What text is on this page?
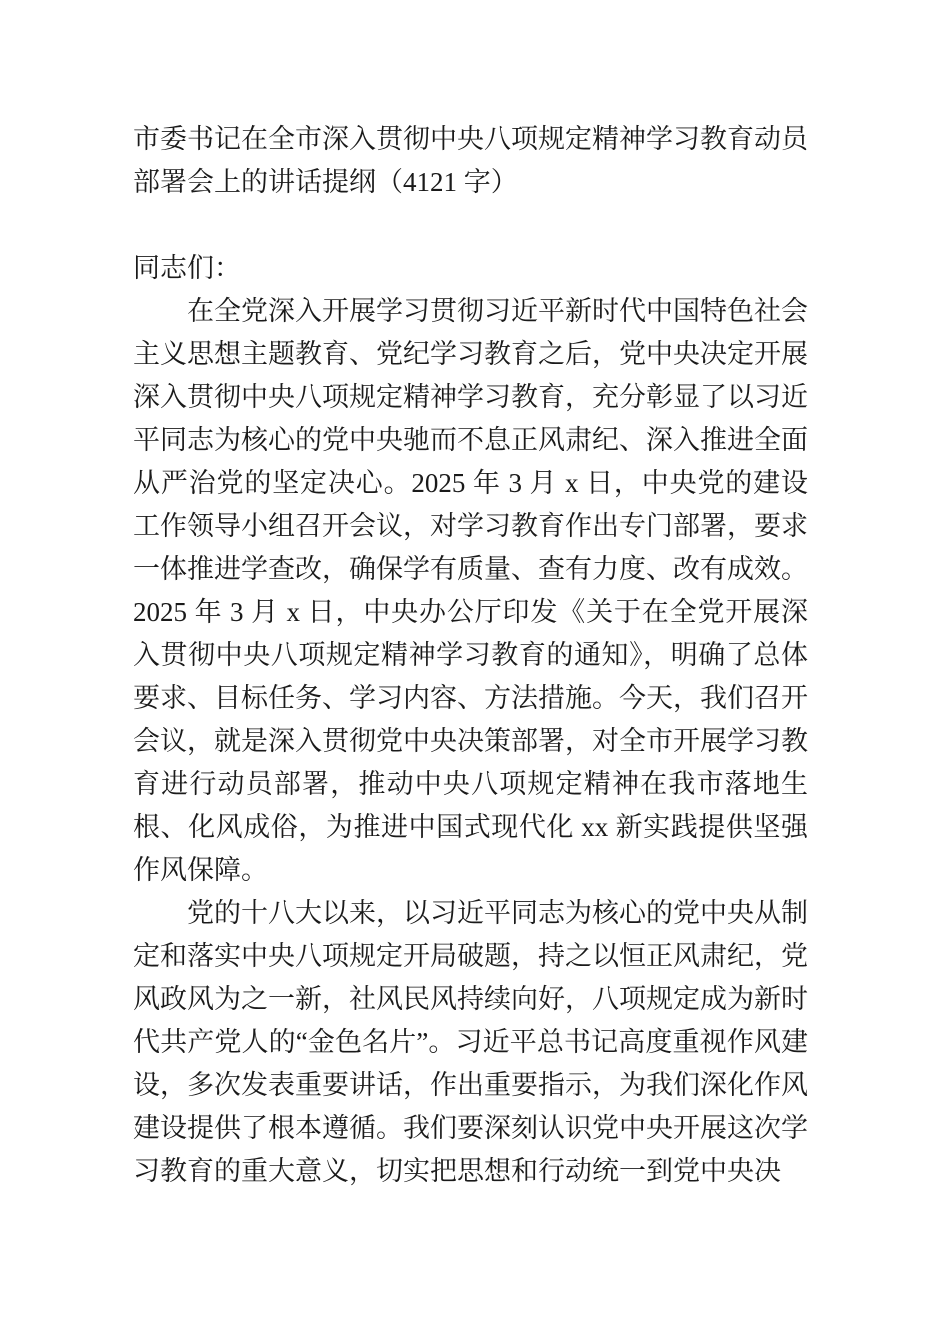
市委书记在全市深入贯彻中央八项规定精神学习教育动员部署会上的讲话提纲（4121 字）

同志们：

在全党深入开展学习贯彻习近平新时代中国特色社会主义思想主题教育、党纪学习教育之后，党中央决定开展深入贯彻中央八项规定精神学习教育，充分彰显了以习近平同志为核心的党中央驰而不息正风肃纪、深入推进全面从严治党的坚定决心。2025 年 3 月 x 日，中央党的建设工作领导小组召开会议，对学习教育作出专门部署，要求一体推进学查改，确保学有质量、查有力度、改有成效。2025 年 3 月 x 日，中央办公厅印发《关于在全党开展深入贯彻中央八项规定精神学习教育的通知》，明确了总体要求、目标任务、学习内容、方法措施。今天，我们召开会议，就是深入贯彻党中央决策部署，对全市开展学习教育进行动员部署，推动中央八项规定精神在我市落地生根、化风成俗，为推进中国式现代化 xx 新实践提供坚强作风保障。

党的十八大以来，以习近平同志为核心的党中央从制定和落实中央八项规定开局破题，持之以恒正风肃纪，党风政风为之一新，社风民风持续向好，八项规定成为新时代共产党人的“金色名片”。习近平总书记高度重视作风建设，多次发表重要讲话，作出重要指示，为我们深化作风建设提供了根本遵循。我们要深刻认识党中央开展这次学习教育的重大意义，切实把思想和行动统一到党中央决
